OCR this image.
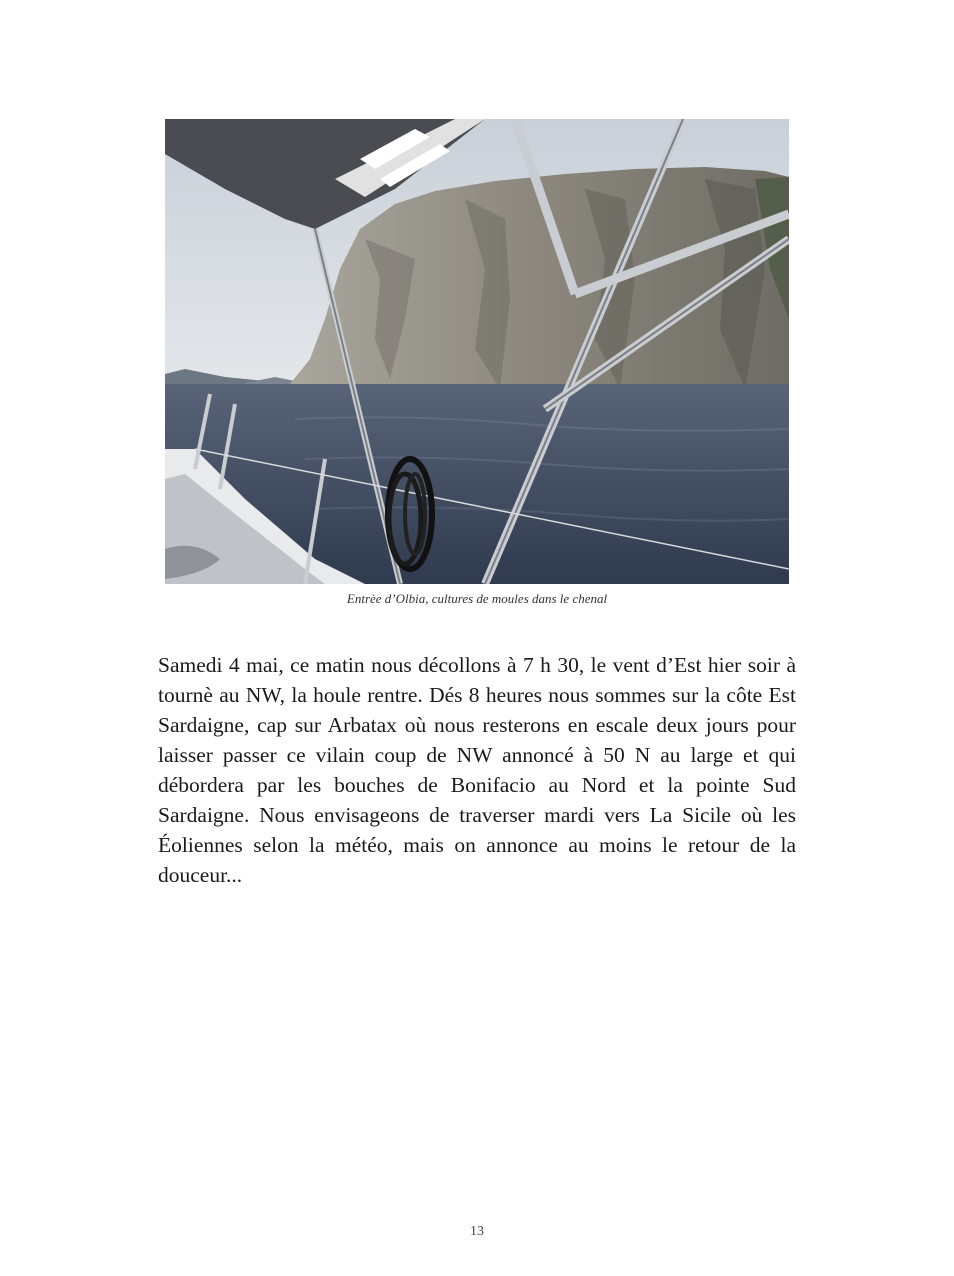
Entrèe d’Olbia, cultures de moules dans le chenal

Samedi 4 mai, ce matin nous décollons à 7 h 30, le vent d’Est hier soir à tournè au NW, la houle rentre. Dés 8 heures nous sommes sur la côte Est Sardaigne, cap sur Arbatax où nous resterons en escale deux jours pour laisser passer ce vilain coup de NW annoncé à 50 N au large et qui débordera par les bouches de Bonifacio au Nord et la pointe Sud Sardaigne. Nous envisageons de traverser mardi vers La Sicile où les Éoliennes selon la météo, mais on annonce au moins le retour de la douceur...

13
